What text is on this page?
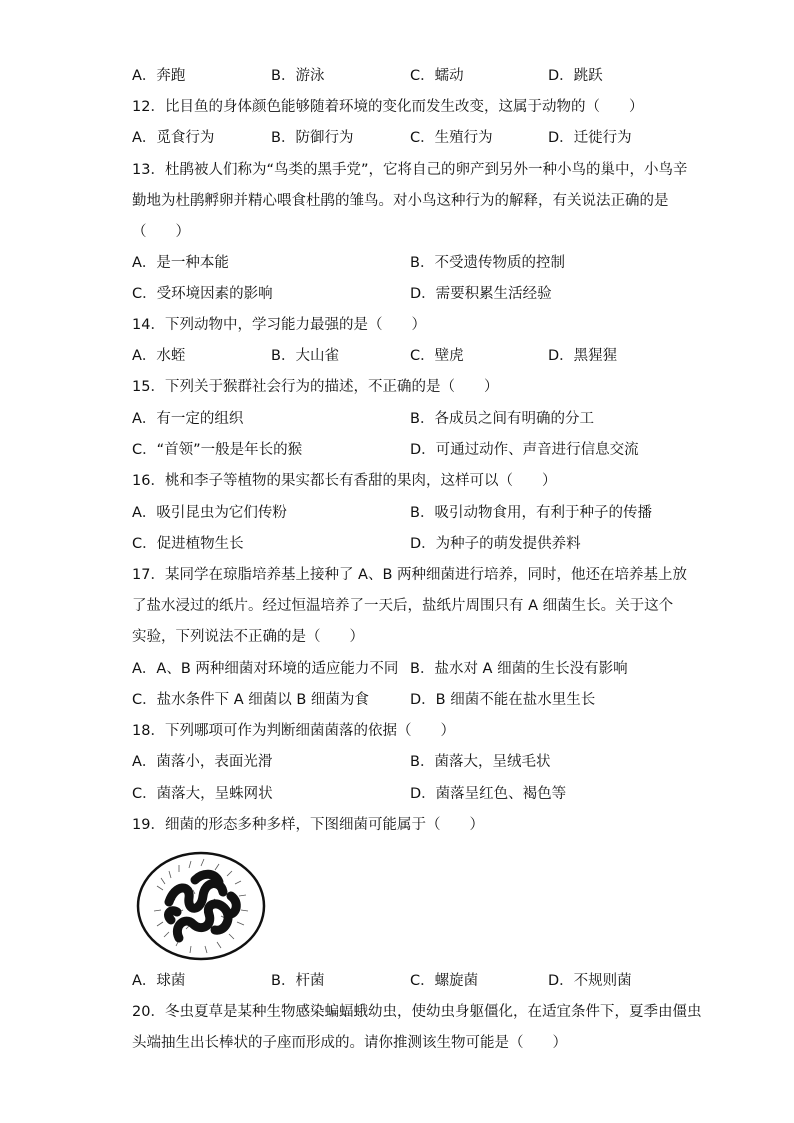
A．奔跑	B．游泳	C．蠕动	D．跳跃
12．比目鱼的身体颜色能够随着环境的变化而发生改变，这属于动物的（　　）
A．觅食行为	B．防御行为	C．生殖行为	D．迁徙行为
13．杜鹃被人们称为“鸟类的黑手党”，它将自己的卵产到另外一种小鸟的巢中，小鸟辛
勤地为杜鹃孵卵并精心喂食杜鹃的雏鸟。对小鸟这种行为的解释，有关说法正确的是
（　　）
A．是一种本能	B．不受遗传物质的控制
C．受环境因素的影响	D．需要积累生活经验
14．下列动物中，学习能力最强的是（　　）
A．水蛭	B．大山雀	C．壁虎	D．黑猩猩
15．下列关于猴群社会行为的描述，不正确的是（　　）
A．有一定的组织	B．各成员之间有明确的分工
C．“首领”一般是年长的猴	D．可通过动作、声音进行信息交流
16．桃和李子等植物的果实都长有香甜的果肉，这样可以（　　）
A．吸引昆虫为它们传粉	B．吸引动物食用，有利于种子的传播
C．促进植物生长	D．为种子的萌发提供养料
17．某同学在琼脂培养基上接种了 A、B 两种细菌进行培养，同时，他还在培养基上放
了盐水浸过的纸片。经过恒温培养了一天后，盐纸片周围只有 A 细菌生长。关于这个
实验，下列说法不正确的是（　　）
A．A、B 两种细菌对环境的适应能力不同 B．盐水对 A 细菌的生长没有影响
C．盐水条件下 A 细菌以 B 细菌为食	D．B 细菌不能在盐水里生长
18．下列哪项可作为判断细菌菌落的依据（　　）
A．菌落小，表面光滑	B．菌落大，呈绒毛状
C．菌落大，呈蛛网状	D．菌落呈红色、褐色等
19．细菌的形态多种多样，下图细菌可能属于（　　）
A．球菌	B．杆菌	C．螺旋菌	D．不规则菌
20．冬虫夏草是某种生物感染蝙蝠蛾幼虫，使幼虫身躯僵化，在适宜条件下，夏季由僵虫
头端抽生出长棒状的子座而形成的。请你推测该生物可能是（　　）
